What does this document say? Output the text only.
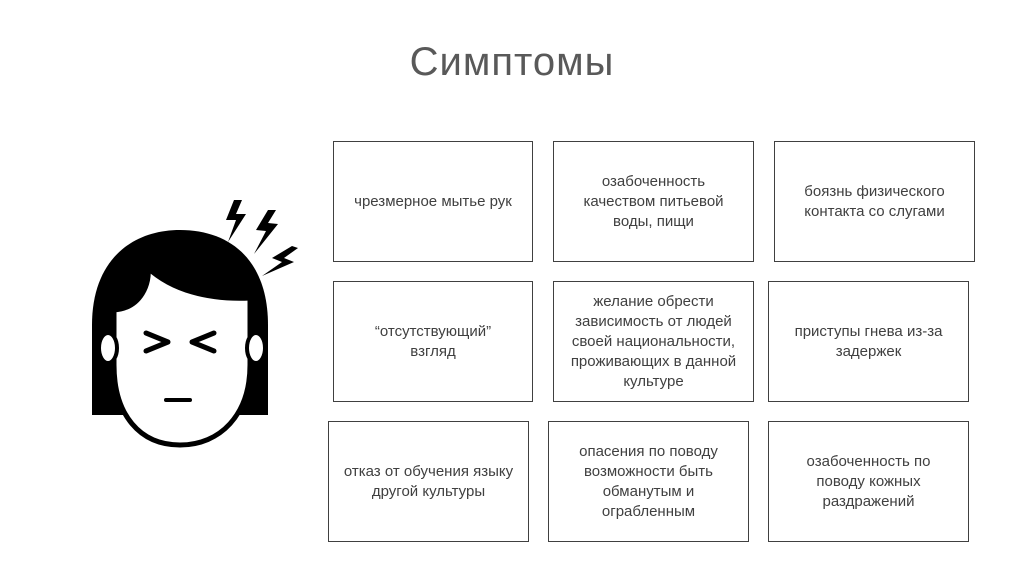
Симптомы
чрезмерное мытье рук
озабоченность
качеством питьевой
воды, пищи
боязнь физического
контакта со слугами
“отсутствующий”
взгляд
желание обрести
зависимость от людей
своей национальности,
проживающих в данной
культуре
приступы гнева из-за
задержек
отказ от обучения языку
другой культуры
опасения по поводу
возможности быть
обманутым и
ограбленным
озабоченность по
поводу кожных
раздражений
